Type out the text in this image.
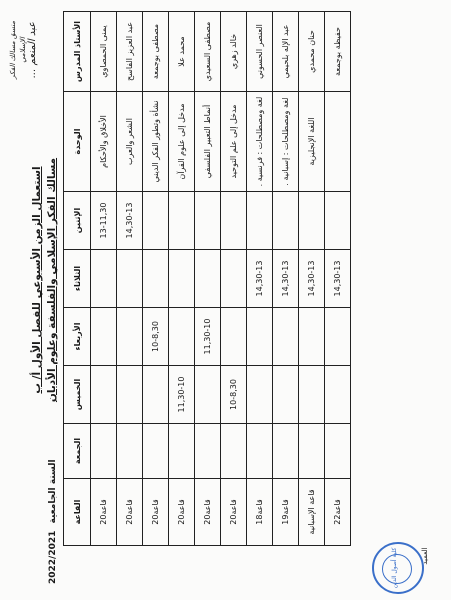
السنة الجامعية 2022/2021
استعمال الزمن الأسبوعي للفصل الأول أ/ ب مسالك الفكر الإسلامي والفلسفة وعلوم الأديان
منسق مسالك الفكر الإسلامي عبد المنعم ...	الأستاذ المدرس	الوحدة	الإثنين	الثلاثاء	الأربعاء	الخميس	الجمعة	القاعة
يمنى الحمصاوي	الأخلاق والأحكام	13-11,30					قاعة20
عبد العزيز الفاسح	الشعر والعرب	14,30-13					قاعة20
مصطفى بوجمعة	نشأة وتطور الفكر الديني			10-8,30			قاعة20
محمد علا	مدخل إلى علوم القرآن				11,30-10		قاعة20
مصطفى السعيدي	أنماط التعبير الفلسفي			11,30-10			قاعة20
خالد زهري	مدخل إلى علم التوحيد				10-8,30		قاعة20
العنصر الحسوني	لغة ومصطلحات : فرنسية .		14,30-13				قاعة18
عبد الإله بلحيمي	لغة ومصطلحات : إسبانية .		14,30-13				قاعة19
حنان محمدي	اللغة الإنجليزية		14,30-13				قاعة الإسبانية
حفيظة بوجمعة			14,30-13				قاعة22
كلية أصول الدين	العميد
